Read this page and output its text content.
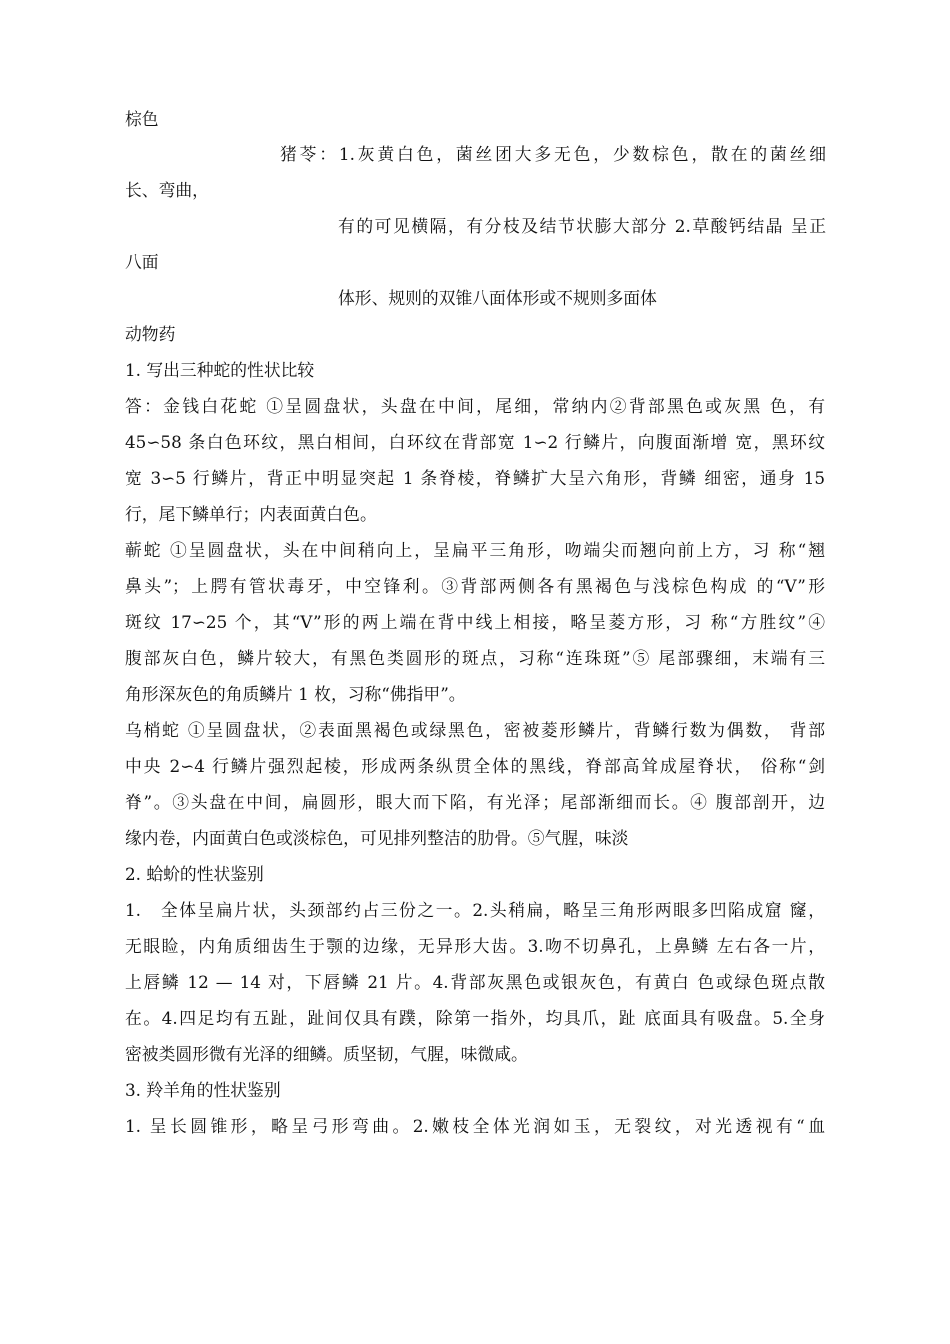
棕色
猪苓：1.灰黄白色，菌丝团大多无色，少数棕色，散在的菌丝细
长、弯曲，
有的可见横隔，有分枝及结节状膨大部分 2.草酸钙结晶 呈正
八面
体形、规则的双锥八面体形或不规则多面体
动物药
1. 写出三种蛇的性状比较
答：金钱白花蛇 ①呈圆盘状，头盘在中间，尾细，常纳内②背部黑色或灰黑 色，有
45∽58 条白色环纹，黑白相间，白环纹在背部宽 1∽2 行鳞片，向腹面渐增 宽，黑环纹
宽 3∽5 行鳞片，背正中明显突起 1 条脊棱，脊鳞扩大呈六角形，背鳞 细密，通身 15
行，尾下鳞单行；内表面黄白色。
蕲蛇 ①呈圆盘状，头在中间稍向上，呈扁平三角形，吻端尖而翘向前上方，习 称“翘
鼻头”；上腭有管状毒牙，中空锋利。③背部两侧各有黑褐色与浅棕色构成 的“V”形
斑纹 17∽25 个，其“V”形的两上端在背中线上相接，略呈菱方形，习 称“方胜纹”④
腹部灰白色，鳞片较大，有黑色类圆形的斑点，习称“连珠斑”⑤ 尾部骤细，末端有三
角形深灰色的角质鳞片 1 枚，习称“佛指甲”。
乌梢蛇 ①呈圆盘状，②表面黑褐色或绿黑色，密被菱形鳞片，背鳞行数为偶数， 背部
中央 2∽4 行鳞片强烈起棱，形成两条纵贯全体的黑线，脊部高耸成屋脊状， 俗称“剑
脊”。③头盘在中间，扁圆形，眼大而下陷，有光泽；尾部渐细而长。④ 腹部剖开，边
缘内卷，内面黄白色或淡棕色，可见排列整洁的肋骨。⑤气腥，味淡
2. 蛤蚧的性状鉴别
1.　全体呈扁片状，头颈部约占三份之一。2.头稍扁，略呈三角形两眼多凹陷成窟 窿，
无眼睑，内角质细齿生于颚的边缘，无异形大齿。3.吻不切鼻孔，上鼻鳞 左右各一片，
上唇鳞 12 — 14 对，下唇鳞 21 片。4.背部灰黑色或银灰色，有黄白 色或绿色斑点散
在。4.四足均有五趾，趾间仅具有蹼，除第一指外，均具爪，趾 底面具有吸盘。5.全身
密被类圆形微有光泽的细鳞。质坚韧，气腥，味微咸。
3. 羚羊角的性状鉴别
1. 呈长圆锥形，略呈弓形弯曲。2.嫩枝全体光润如玉，无裂纹，对光透视有“血
